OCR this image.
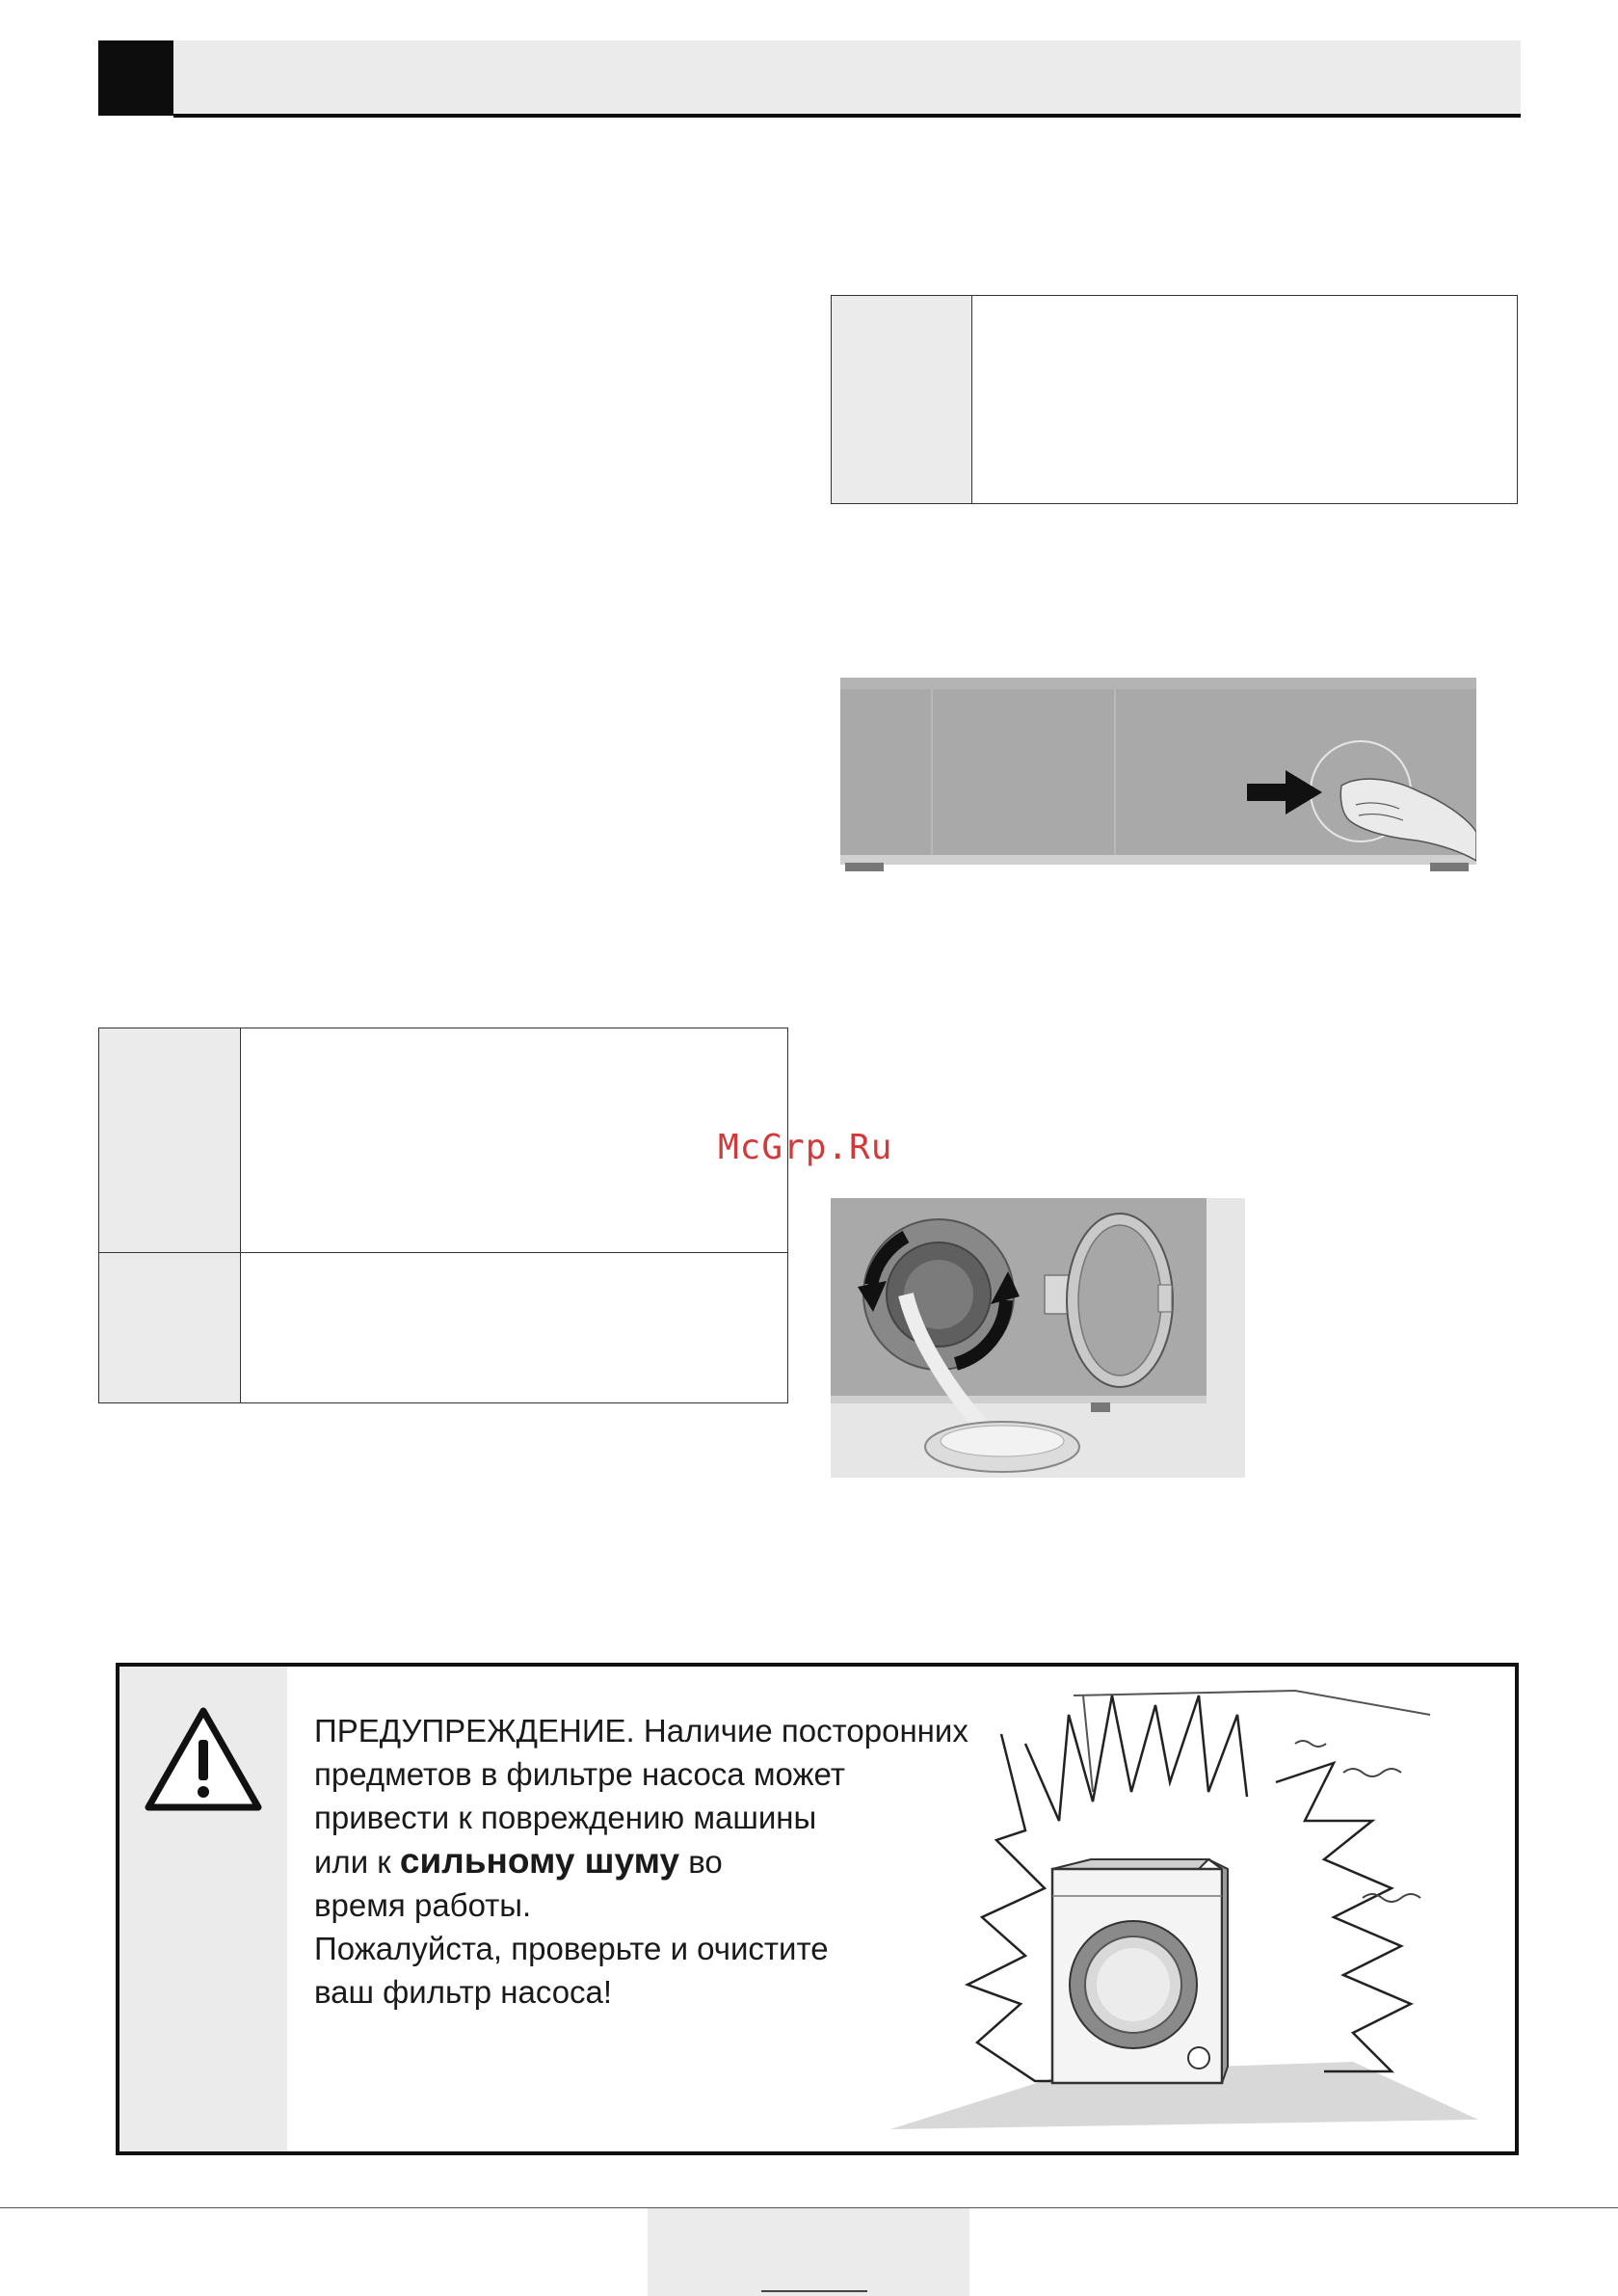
McGrp.Ru
ПРЕДУПРЕЖДЕНИЕ. Наличие посторонних
предметов в фильтре насоса может
привести к повреждению машины
или к сильному шуму во
время работы.
Пожалуйста, проверьте и очистите
ваш фильтр насоса!
